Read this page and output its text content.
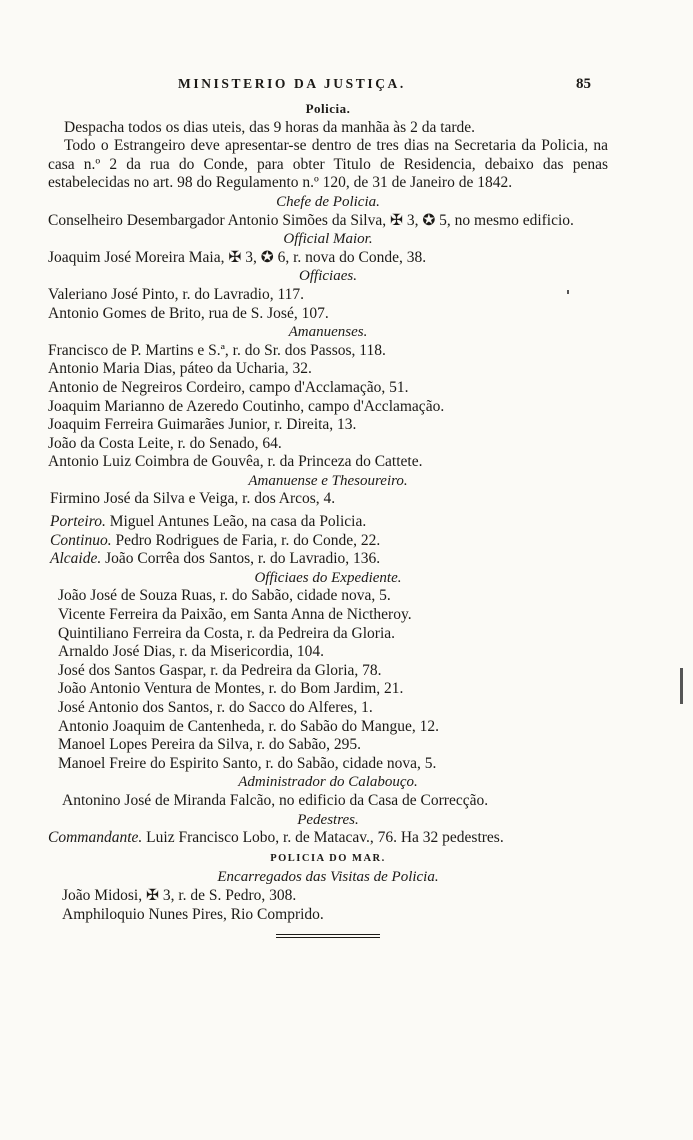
MINISTERIO DA JUSTIÇA.	85
Policia.
Despacha todos os dias uteis, das 9 horas da manhãa às 2 da tarde.
Todo o Estrangeiro deve apresentar-se dentro de tres dias na Secretaria da Policia, na casa n.º 2 da rua do Conde, para obter Titulo de Residencia, debaixo das penas estabelecidas no art. 98 do Regulamento n.º 120, de 31 de Janeiro de 1842.
Chefe de Policia.
Conselheiro Desembargador Antonio Simões da Silva, ✠ 3, ✪ 5, no mesmo edificio.
Official Maior.
Joaquim José Moreira Maia, ✠ 3, ✪ 6, r. nova do Conde, 38.
Officiaes.
Valeriano José Pinto, r. do Lavradio, 117.
Antonio Gomes de Brito, rua de S. José, 107.
Amanuenses.
Francisco de P. Martins e S.ª, r. do Sr. dos Passos, 118.
Antonio Maria Dias, páteo da Ucharia, 32.
Antonio de Negreiros Cordeiro, campo d'Acclamação, 51.
Joaquim Marianno de Azeredo Coutinho, campo d'Acclamação.
Joaquim Ferreira Guimarães Junior, r. Direita, 13.
João da Costa Leite, r. do Senado, 64.
Antonio Luiz Coimbra de Gouvêa, r. da Princeza do Cattete.
Amanuense e Thesoureiro.
Firmino José da Silva e Veiga, r. dos Arcos, 4.
Porteiro. Miguel Antunes Leão, na casa da Policia.
Continuo. Pedro Rodrigues de Faria, r. do Conde, 22.
Alcaide. João Corrêa dos Santos, r. do Lavradio, 136.
Officiaes do Expediente.
João José de Souza Ruas, r. do Sabão, cidade nova, 5.
Vicente Ferreira da Paixão, em Santa Anna de Nictheroy.
Quintiliano Ferreira da Costa, r. da Pedreira da Gloria.
Arnaldo José Dias, r. da Misericordia, 104.
José dos Santos Gaspar, r. da Pedreira da Gloria, 78.
João Antonio Ventura de Montes, r. do Bom Jardim, 21.
José Antonio dos Santos, r. do Sacco do Alferes, 1.
Antonio Joaquim de Cantenheda, r. do Sabão do Mangue, 12.
Manoel Lopes Pereira da Silva, r. do Sabão, 295.
Manoel Freire do Espirito Santo, r. do Sabão, cidade nova, 5.
Administrador do Calabouço.
Antonino José de Miranda Falcão, no edificio da Casa de Correcção.
Pedestres.
Commandante. Luiz Francisco Lobo, r. de Matacav., 76. Ha 32 pedestres.
POLICIA DO MAR.
Encarregados das Visitas de Policia.
João Midosi, ✠ 3, r. de S. Pedro, 308.
Amphiloquio Nunes Pires, Rio Comprido.
